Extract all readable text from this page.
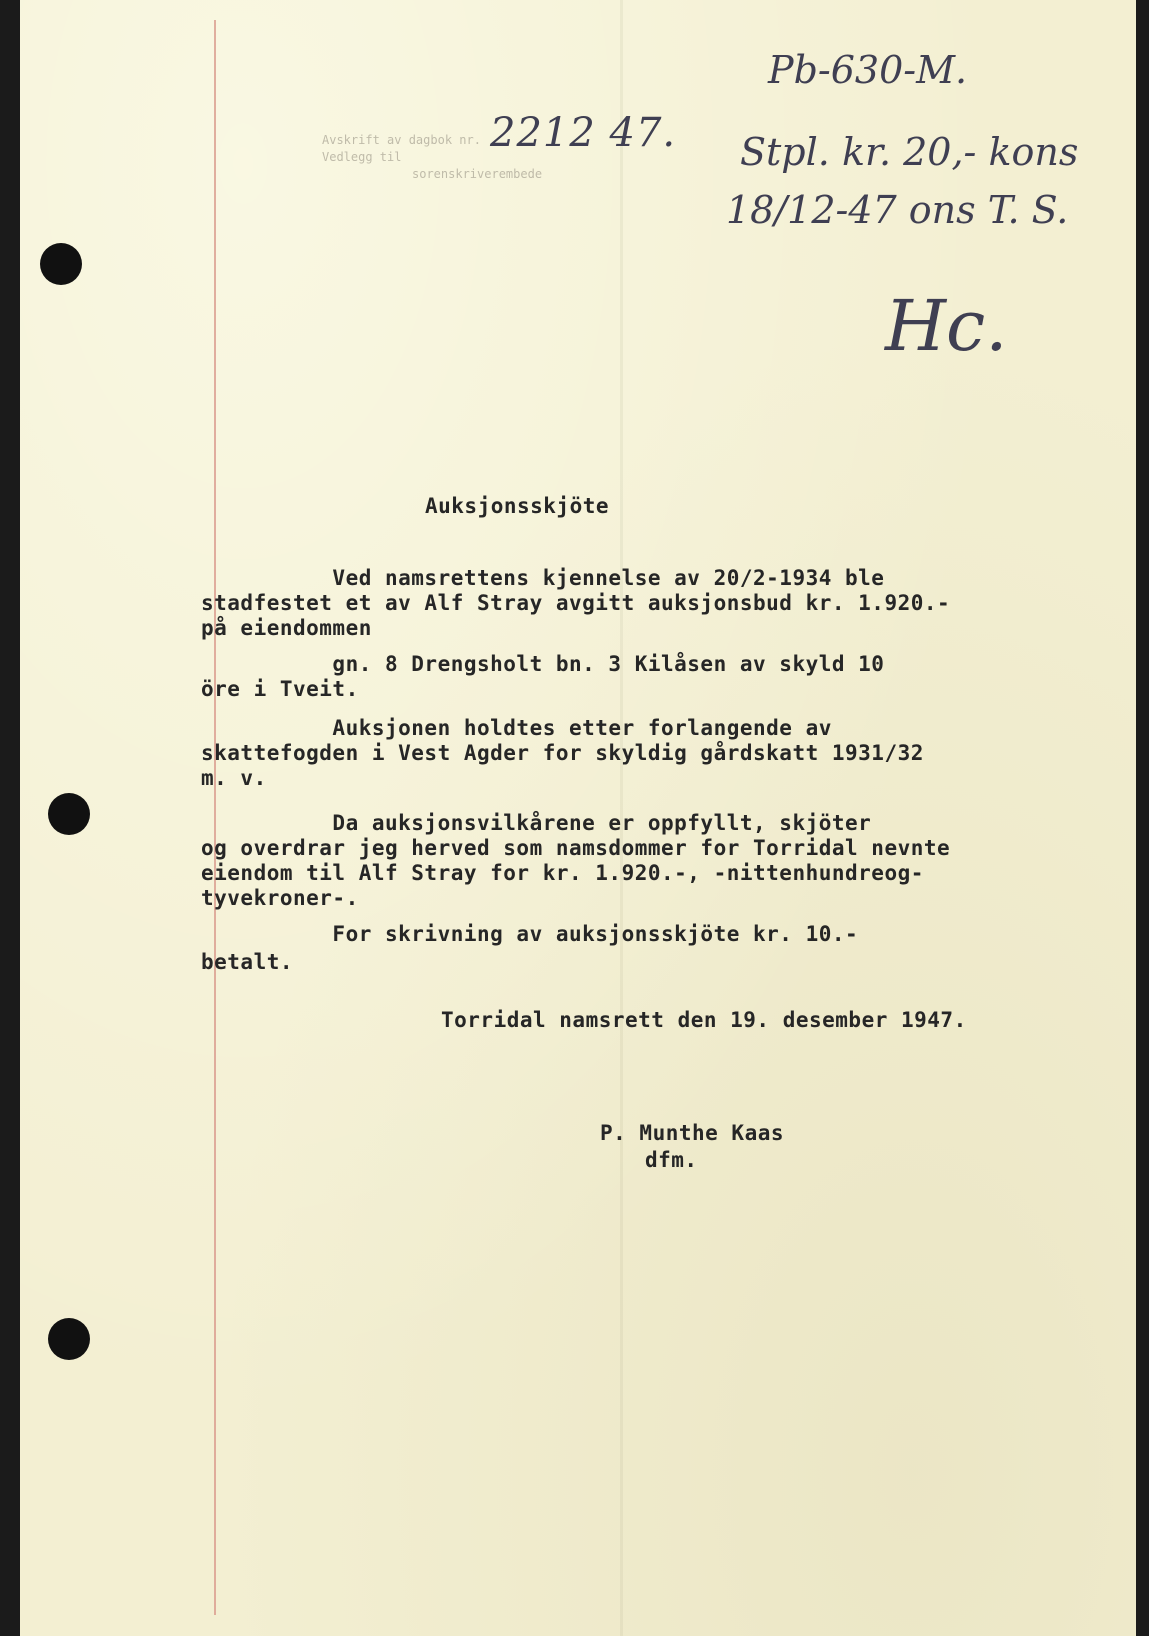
Avskrift av dagbok nr.
Vedlegg til
sorenskriverembede
2212 47.
Pb-630-M.
Stpl. kr. 20,- kons
18/12-47 ons T. S.
Hc.
Auksjonsskjöte
Ved namsrettens kjennelse av 20/2-1934 ble
stadfestet et av Alf Stray avgitt auksjonsbud kr. 1.920.-
på eiendommen
gn. 8 Drengsholt bn. 3 Kilåsen av skyld 10
öre i Tveit.
Auksjonen holdtes etter forlangende av
skattefogden i Vest Agder for skyldig gårdskatt 1931/32
m. v.
Da auksjonsvilkårene er oppfyllt, skjöter
og overdrar jeg herved som namsdommer for Torridal nevnte
eiendom til Alf Stray for kr. 1.920.-, -nittenhundreog-
tyvekroner-.
For skrivning av auksjonsskjöte kr. 10.-
betalt.
Torridal namsrett den 19. desember 1947.
P. Munthe Kaas
dfm.
